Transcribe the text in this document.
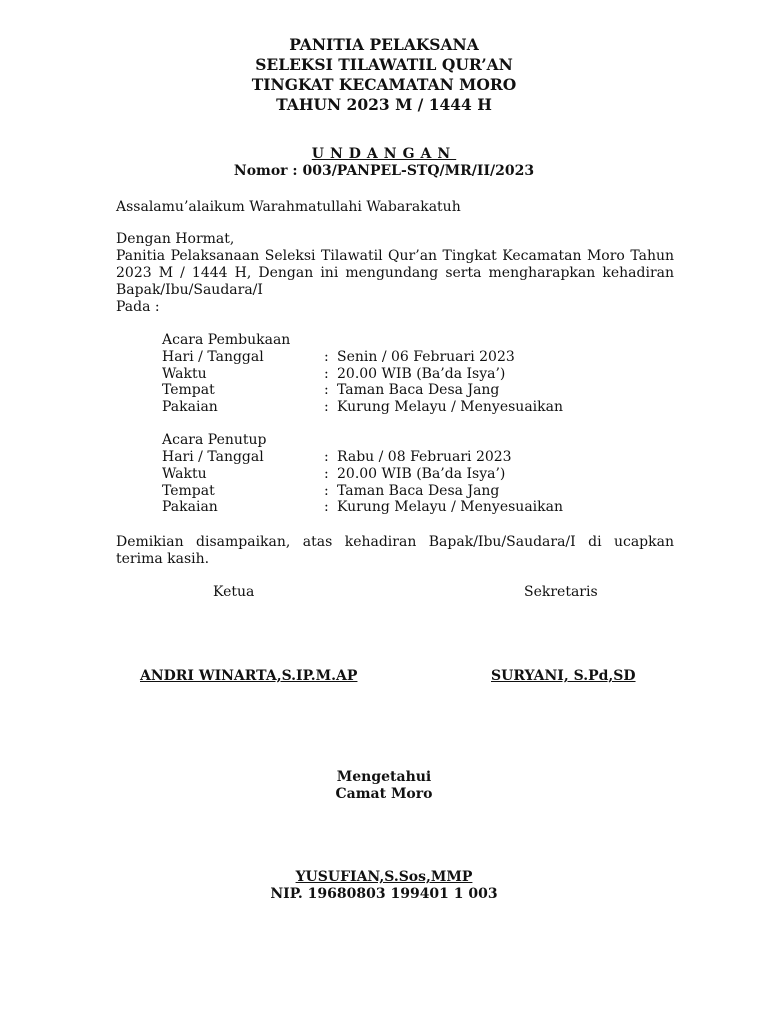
PANITIA PELAKSANA
SELEKSI TILAWATIL QUR’AN
TINGKAT KECAMATAN MORO
TAHUN 2023 M / 1444 H
UNDANGAN
Nomor : 003/PANPEL-STQ/MR/II/2023
Assalamu’alaikum Warahmatullahi Wabarakatuh
Dengan Hormat,
Panitia Pelaksanaan Seleksi Tilawatil Qur’an Tingkat Kecamatan Moro Tahun 2023 M / 1444 H, Dengan ini mengundang serta mengharapkan kehadiran Bapak/Ibu/Saudara/I
Pada :
Acara Pembukaan
Hari / Tanggal	: Senin / 06 Februari 2023
Waktu	: 20.00 WIB (Ba’da Isya’)
Tempat	: Taman Baca Desa Jang
Pakaian	: Kurung Melayu / Menyesuaikan
Acara Penutup
Hari / Tanggal	: Rabu / 08 Februari 2023
Waktu	: 20.00 WIB (Ba’da Isya’)
Tempat	: Taman Baca Desa Jang
Pakaian	: Kurung Melayu / Menyesuaikan
Demikian disampaikan, atas kehadiran Bapak/Ibu/Saudara/I di ucapkan terima kasih.
Ketua	Sekretaris
ANDRI WINARTA,S.IP.M.AP	SURYANI, S.Pd,SD
Mengetahui
Camat Moro
YUSUFIAN,S.Sos,MMP
NIP. 19680803 199401 1 003
